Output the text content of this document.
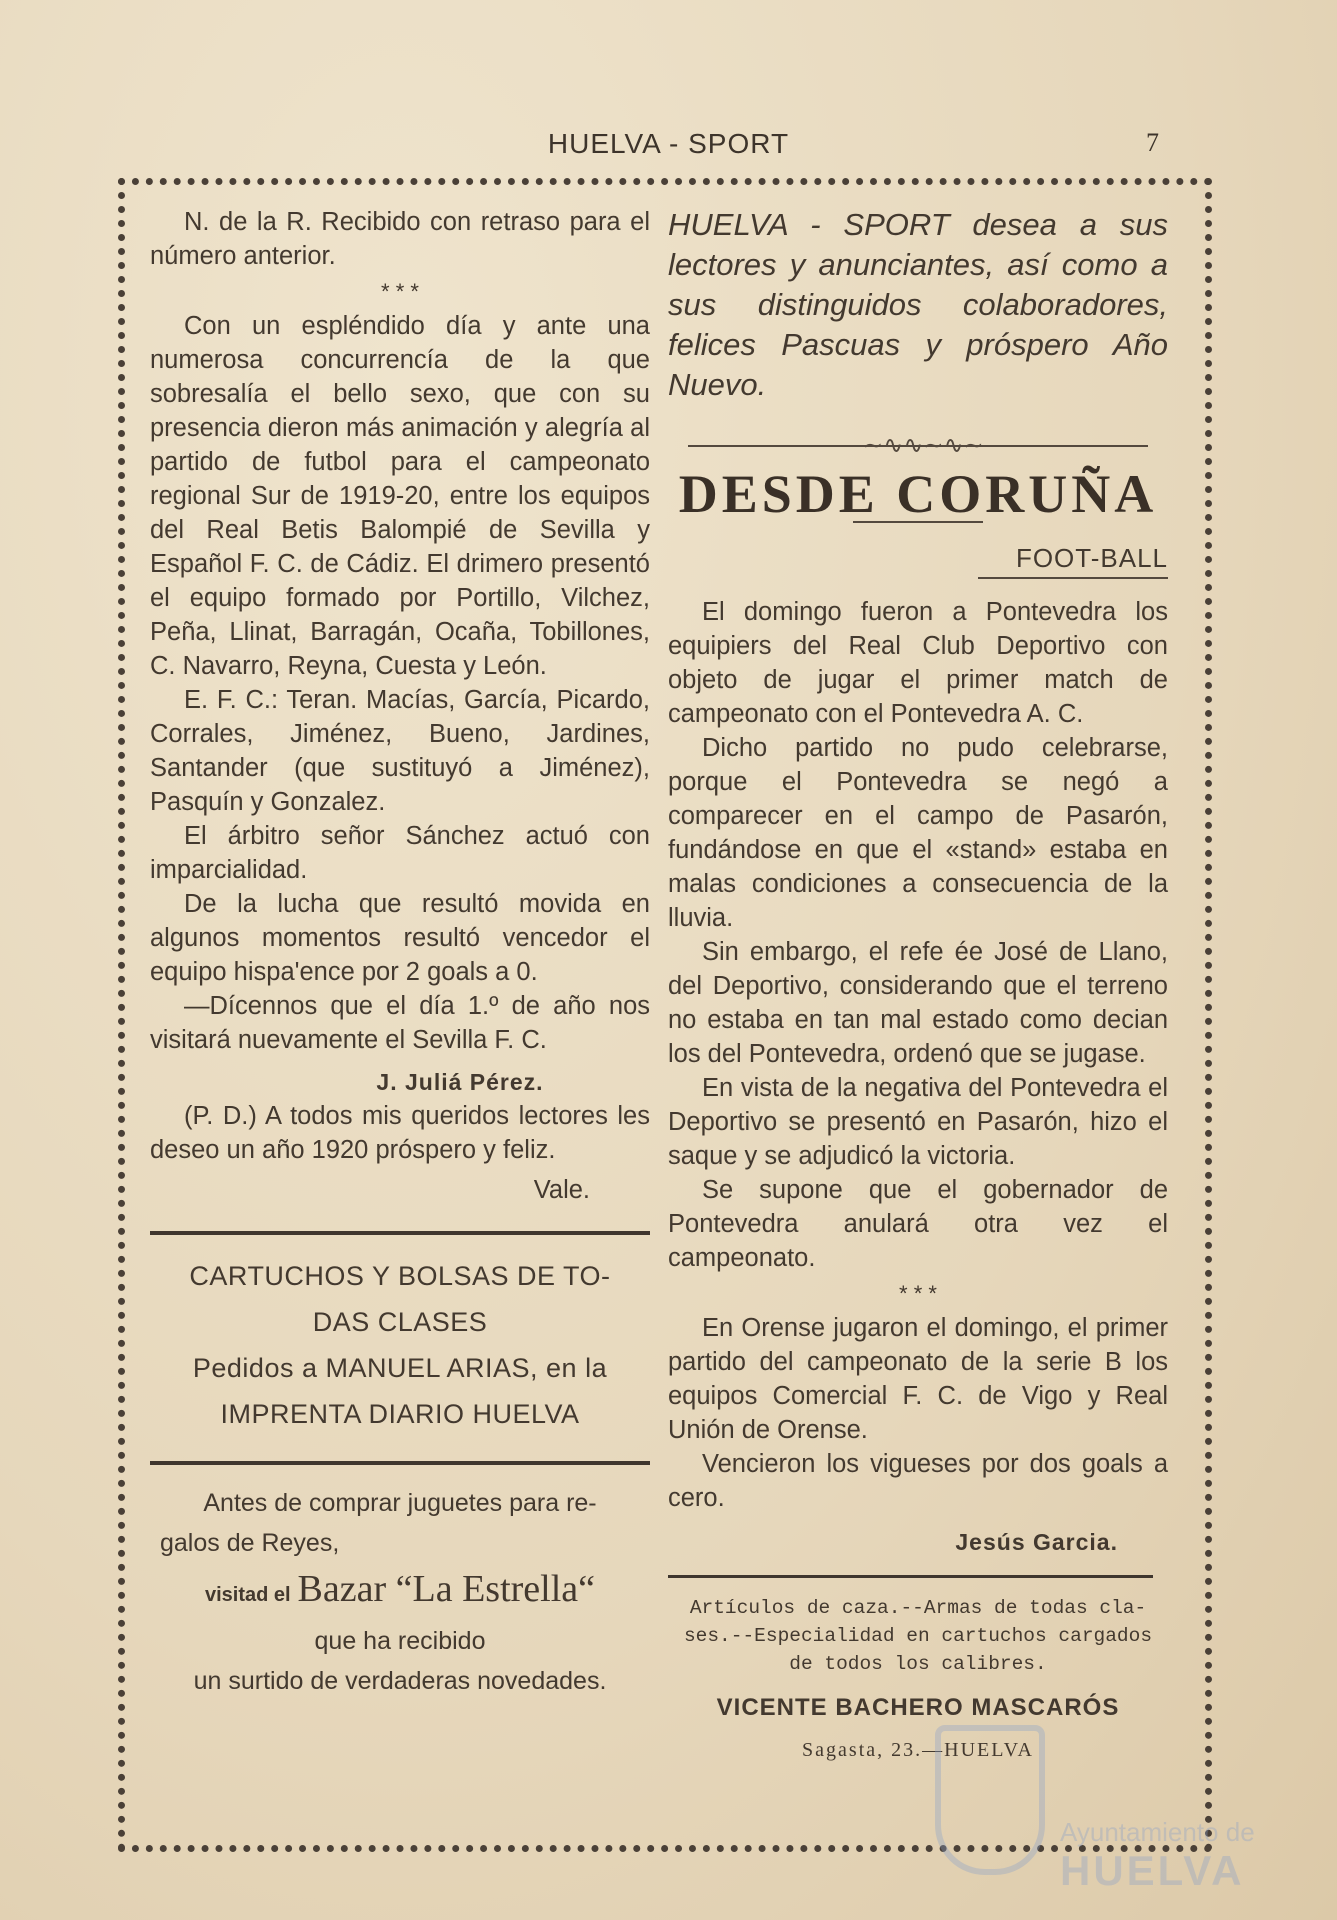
HUELVA - SPORT	7

N. de la R. Recibido con retraso para el número anterior.

* * *

Con un espléndido día y ante una numerosa concurrencía de la que sobresalía el bello sexo, que con su presencia dieron más animación y alegría al partido de futbol para el campeonato regional Sur de 1919-20, entre los equipos del Real Betis Balompié de Sevilla y Español F. C. de Cádiz. El drimero presentó el equipo formado por Portillo, Vilchez, Peña, Llinat, Barragán, Ocaña, Tobillones, C. Navarro, Reyna, Cuesta y León.

E. F. C.: Teran. Macías, García, Picardo, Corrales, Jiménez, Bueno, Jardines, Santander (que sustituyó a Jiménez), Pasquín y Gonzalez.

El árbitro señor Sánchez actuó con imparcialidad.

De la lucha que resultó movida en algunos momentos resultó vencedor el equipo hispa'ence por 2 goals a 0.

—Dícennos que el día 1.º de año nos visitará nuevamente el Sevilla F. C.

J. Juliá Pérez.

(P. D.) A todos mis queridos lectores les deseo un año 1920 próspero y feliz.

Vale.
CARTUCHOS Y BOLSAS DE TO-
DAS CLASES
Pedidos a MANUEL ARIAS, en la
IMPRENTA DIARIO HUELVA
Antes de comprar juguetes para re-
galos de Reyes,
visitad el Bazar “La Estrella“
que ha recibido
un surtido de verdaderas novedades.

HUELVA - SPORT desea a sus lectores y anunciantes, así como a sus distinguidos colaboradores, felices Pascuas y próspero Año Nuevo.

∼∿∿∼∿∼
DESDE CORUÑA
FOOT-BALL

El domingo fueron a Pontevedra los equipiers del Real Club Deportivo con objeto de jugar el primer match de campeonato con el Pontevedra A. C.

Dicho partido no pudo celebrarse, porque el Pontevedra se negó a comparecer en el campo de Pasarón, fundándose en que el «stand» estaba en malas condiciones a consecuencia de la lluvia.

Sin embargo, el refe ée José de Llano, del Deportivo, considerando que el terreno no estaba en tan mal estado como decian los del Pontevedra, ordenó que se jugase.

En vista de la negativa del Pontevedra el Deportivo se presentó en Pasarón, hizo el saque y se adjudicó la victoria.

Se supone que el gobernador de Pontevedra anulará otra vez el campeonato.

* * *

En Orense jugaron el domingo, el primer partido del campeonato de la serie B los equipos Comercial F. C. de Vigo y Real Unión de Orense.

Vencieron los vigueses por dos goals a cero.

Jesús Garcia.
Artículos de caza.--Armas de todas cla-
ses.--Especialidad en cartuchos cargados
de todos los calibres.
VICENTE BACHERO MASCARÓS
Sagasta, 23.—HUELVA
Ayuntamiento de
HUELVA
